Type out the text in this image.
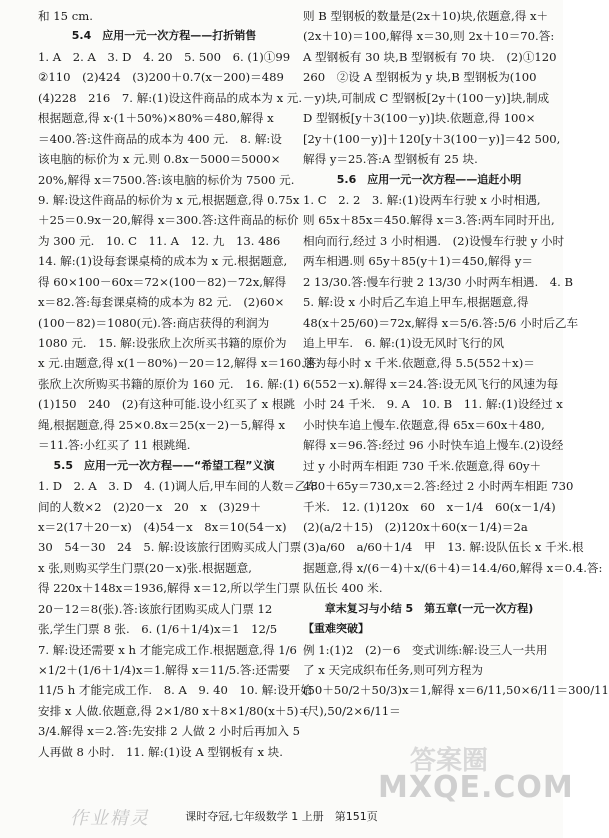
和 15 cm.
5.4　应用一元一次方程——打折销售
1. A　2. A　3. D　4. 20　5. 500　6. (1)①99
②110　(2)424　(3)200＋0.7(x－200)＝489
(4)228　216　7. 解:(1)设这件商品的成本为 x 元.
根据题意,得 x·(1＋50%)×80%＝480,解得 x
＝400.答:这件商品的成本为 400 元.　8. 解:设
该电脑的标价为 x 元.则 0.8x－5000＝5000×
20%,解得 x＝7500.答:该电脑的标价为 7500 元.
9. 解:设这件商品的标价为 x 元,根据题意,得 0.75x
＋25＝0.9x－20,解得 x＝300.答:这件商品的标价
为 300 元.　10. C　11. A　12. 九　13. 486
14. 解:(1)设每套课桌椅的成本为 x 元.根据题意,
得 60×100－60x＝72×(100－82)－72x,解得
x＝82.答:每套课桌椅的成本为 82 元.　(2)60×
(100－82)＝1080(元).答:商店获得的利润为
1080 元.　15. 解:设张欣上次所买书籍的原价为
x 元.由题意,得 x(1－80%)－20＝12,解得 x＝160.答:
张欣上次所购买书籍的原价为 160 元.　16. 解:(1)
(1)150　240　(2)有这种可能.设小红买了 x 根跳
绳,根据题意,得 25×0.8x＝25(x－2)－5,解得 x
＝11.答:小红买了 11 根跳绳.
5.5　应用一元一次方程——“希望工程”义演
1. D　2. A　3. D　4. (1)调人后,甲车间的人数＝乙车
间的人数×2　(2)20－x　20　x　(3)29＋
x＝2(17＋20－x)　(4)54－x　8x＝10(54－x)
30　54－30　24　5. 解:设该旅行团购买成人门票
x 张,则购买学生门票(20－x)张.根据题意,
得 220x＋148x＝1936,解得 x＝12,所以学生门票
20－12＝8(张).答:该旅行团购买成人门票 12
张,学生门票 8 张.　6. (1/6＋1/4)x＝1　12/5
7. 解:设还需要 x h 才能完成工作.根据题意,得 1/6
×1/2＋(1/6＋1/4)x＝1.解得 x＝11/5.答:还需要
11/5 h 才能完成工作.　8. A　9. 40　10. 解:设开始
安排 x 人做.依题意,得 2×1/80 x＋8×1/80(x＋5)＝
3/4.解得 x＝2.答:先安排 2 人做 2 小时后再加入 5
人再做 8 小时.　11. 解:(1)设 A 型钢板有 x 块.
则 B 型钢板的数量是(2x＋10)块,依题意,得 x＋
(2x＋10)＝100,解得 x＝30,则 2x＋10＝70.答:
A 型钢板有 30 块,B 型钢板有 70 块.　(2)①120
260　②设 A 型钢板为 y 块,B 型钢板为(100
－y)块,可制成 C 型钢板[2y＋(100－y)]块,制成
D 型钢板[y＋3(100－y)]块.依题意,得 100×
[2y＋(100－y)]＋120[y＋3(100－y)]＝42 500,
解得 y＝25.答:A 型钢板有 25 块.
5.6　应用一元一次方程——追赶小明
1. C　2. 2　3. 解:(1)设两车行驶 x 小时相遇,
则 65x＋85x＝450.解得 x＝3.答:两车同时开出,
相向而行,经过 3 小时相遇.　(2)设慢车行驶 y 小时
两车相遇.则 65y＋85(y＋1)＝450,解得 y＝
2 13/30.答:慢车行驶 2 13/30 小时两车相遇.　4. B
5. 解:设 x 小时后乙车追上甲车,根据题意,得
48(x＋25/60)＝72x,解得 x＝5/6.答:5/6 小时后乙车
追上甲车.　6. 解:(1)设无风时飞行的风
速为每小时 x 千米.依题意,得 5.5(552＋x)＝
6(552－x).解得 x＝24.答:设无风飞行的风速为每
小时 24 千米.　9. A　10. B　11. 解:(1)设经过 x
小时快车追上慢车.依题意,得 65x＝60x＋480,
解得 x＝96.答:经过 96 小时快车追上慢车.(2)设经
过 y 小时两车相距 730 千米.依题意,得 60y＋
480＋65y＝730,x＝2.答:经过 2 小时两车相距 730
千米.　12. (1)120x　60　x－1/4　60(x－1/4)
(2)(a/2＋15)　(2)120x＋60(x－1/4)＝2a
(3)a/60　a/60＋1/4　甲　13. 解:设队伍长 x 千米.根
据题意,得 x/(6－4)＋x/(6＋4)＝14.4/60,解得 x＝0.4.答:
队伍长 400 米.
章末复习与小结 5　第五章(一元一次方程)
【重难突破】
例 1:(1)2　(2)－6　变式训练:解:设三人一共用
了 x 天完成织布任务,则可列方程为
(50＋50/2＋50/3)x＝1,解得 x＝6/11,50×6/11＝300/11
(尺),50/2×6/11＝
答案圈
MXQE.COM
作业精灵	课时夺冠,七年级数学 1 上册　第151页
